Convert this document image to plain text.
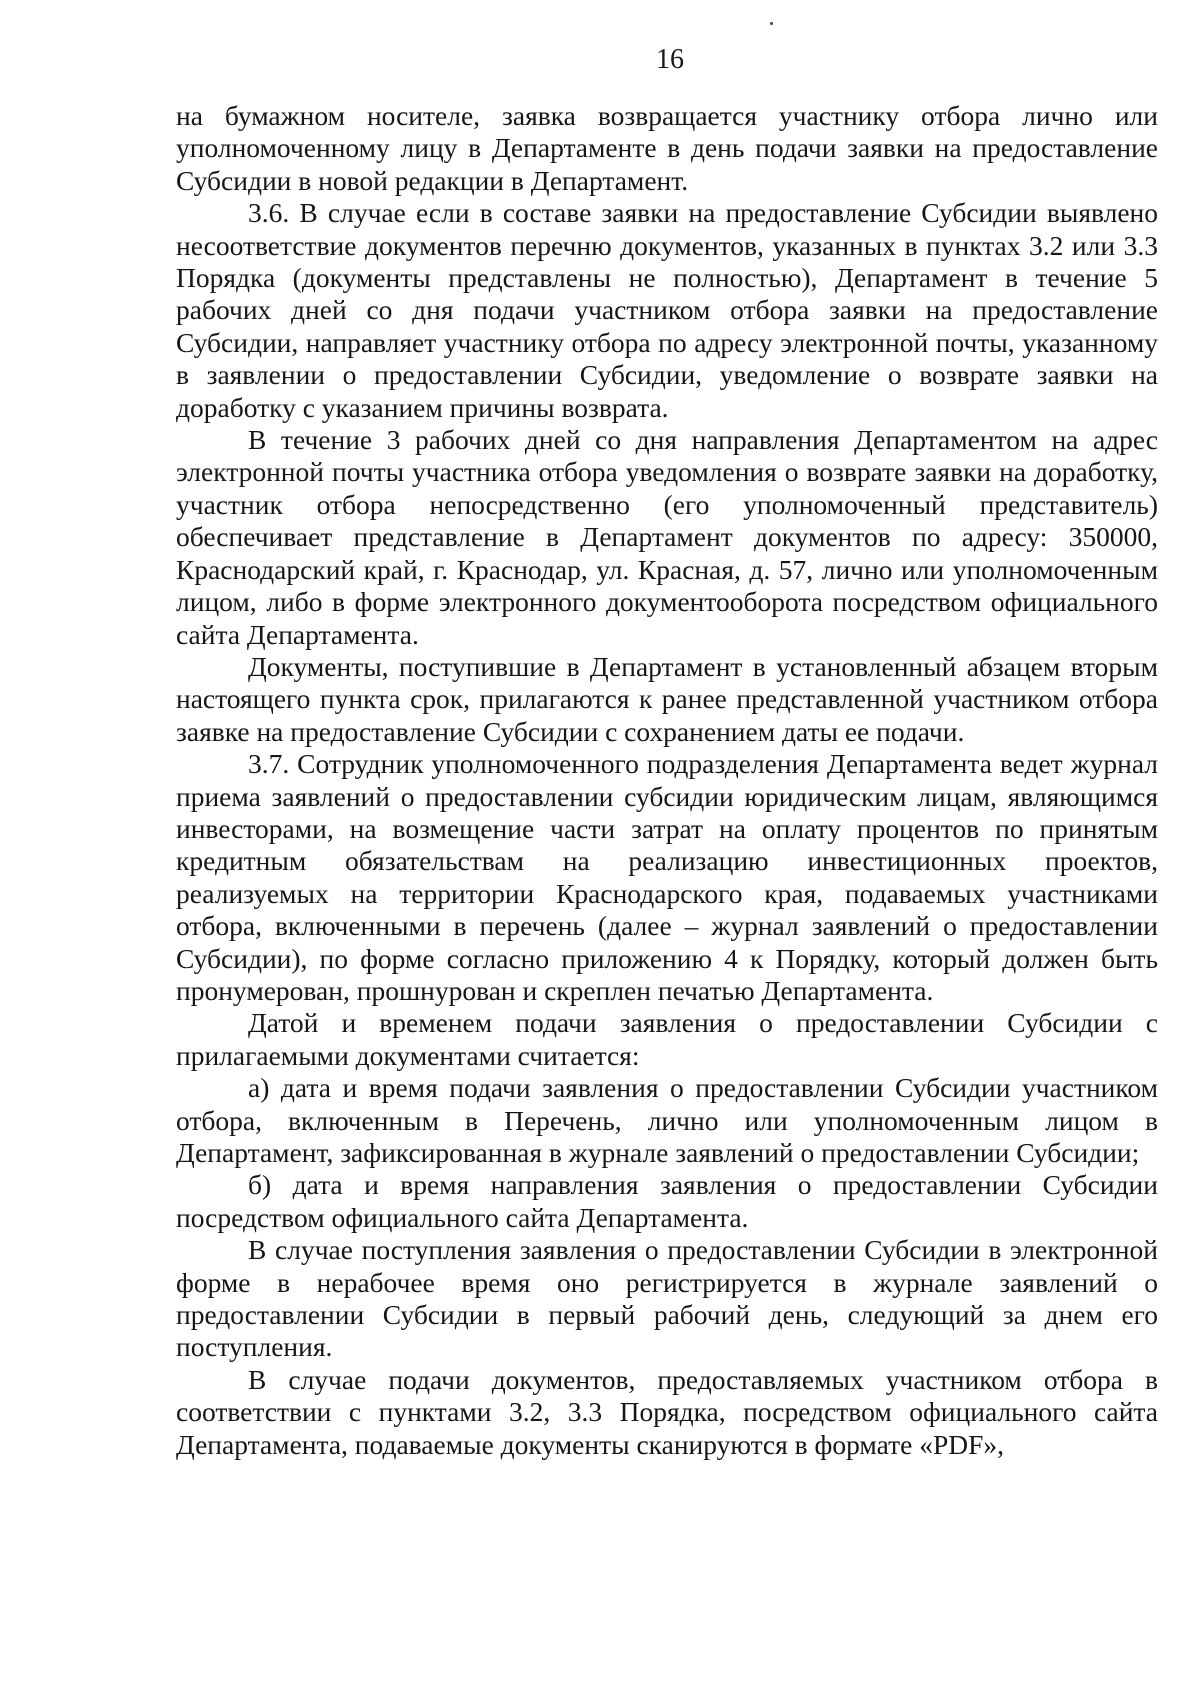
16

на бумажном носителе, заявка возвращается участнику отбора лично или уполномоченному лицу в Департаменте в день подачи заявки на предоставление Субсидии в новой редакции в Департамент.

3.6. В случае если в составе заявки на предоставление Субсидии выявлено несоответствие документов перечню документов, указанных в пунктах 3.2 или 3.3 Порядка (документы представлены не полностью), Департамент в течение 5 рабочих дней со дня подачи участником отбора заявки на предоставление Субсидии, направляет участнику отбора по адресу электронной почты, указанному в заявлении о предоставлении Субсидии, уведомление о возврате заявки на доработку с указанием причины возврата.

В течение 3 рабочих дней со дня направления Департаментом на адрес электронной почты участника отбора уведомления о возврате заявки на доработку, участник отбора непосредственно (его уполномоченный представитель) обеспечивает представление в Департамент документов по адресу: 350000, Краснодарский край, г. Краснодар, ул. Красная, д. 57, лично или уполномоченным лицом, либо в форме электронного документооборота посредством официального сайта Департамента.

Документы, поступившие в Департамент в установленный абзацем вторым настоящего пункта срок, прилагаются к ранее представленной участником отбора заявке на предоставление Субсидии с сохранением даты ее подачи.

3.7. Сотрудник уполномоченного подразделения Департамента ведет журнал приема заявлений о предоставлении субсидии юридическим лицам, являющимся инвесторами, на возмещение части затрат на оплату процентов по принятым кредитным обязательствам на реализацию инвестиционных проектов, реализуемых на территории Краснодарского края, подаваемых участниками отбора, включенными в перечень (далее – журнал заявлений о предоставлении Субсидии), по форме согласно приложению 4 к Порядку, который должен быть пронумерован, прошнурован и скреплен печатью Департамента.

Датой и временем подачи заявления о предоставлении Субсидии с прилагаемыми документами считается:

а) дата и время подачи заявления о предоставлении Субсидии участником отбора, включенным в Перечень, лично или уполномоченным лицом в Департамент, зафиксированная в журнале заявлений о предоставлении Субсидии;

б) дата и время направления заявления о предоставлении Субсидии посредством официального сайта Департамента.

В случае поступления заявления о предоставлении Субсидии в электронной форме в нерабочее время оно регистрируется в журнале заявлений о предоставлении Субсидии в первый рабочий день, следующий за днем его поступления.

В случае подачи документов, предоставляемых участником отбора в соответствии с пунктами 3.2, 3.3 Порядка, посредством официального сайта Департамента, подаваемые документы сканируются в формате «PDF»,
